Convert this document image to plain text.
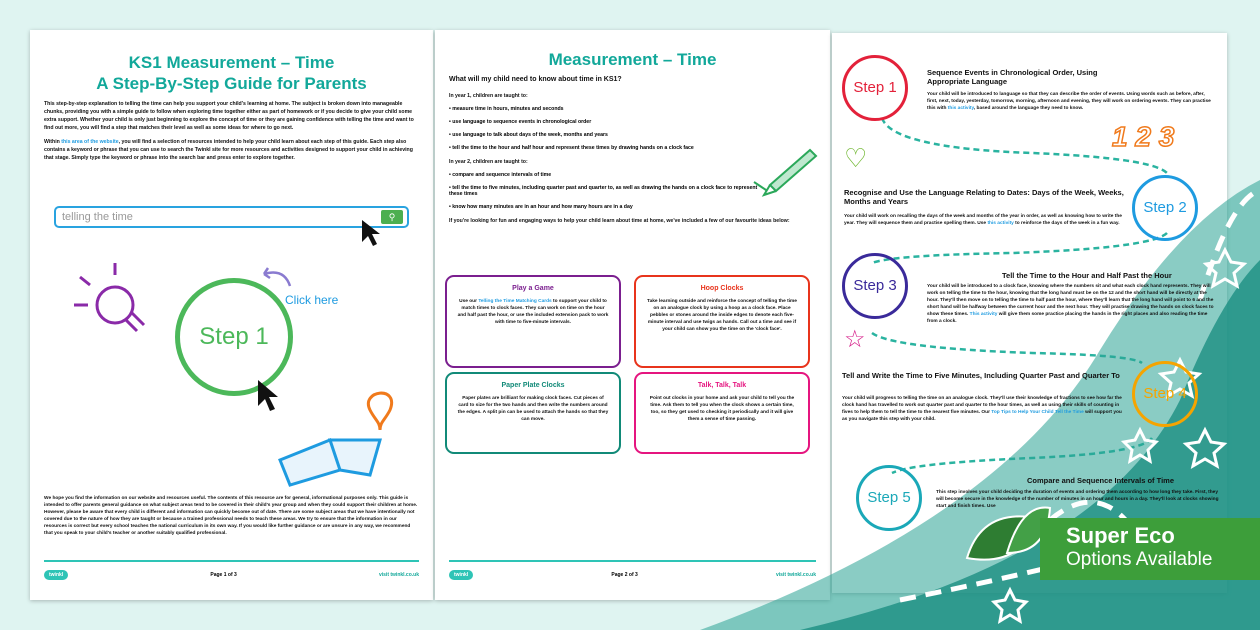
KS1 Measurement – Time
A Step-By-Step Guide for Parents

This step-by-step explanation to telling the time can help you support your child's learning at home. The subject is broken down into manageable chunks, providing you with a simple guide to follow when exploring time together either as part of homework or if you decide to give your child some extra support. Whether your child is only just beginning to explore the concept of time or they are gaining confidence with telling the time and want to find out more, you will find a step that matches their level as well as some ideas for where to go next.

Within this area of the website, you will find a selection of resources intended to help your child learn about each step of this guide. Each step also contains a keyword or phrase that you can use to search the Twinkl site for more resources and activities designed to support your child in achieving that stage. Simply type the keyword or phrase into the search bar and press enter to explore together.

telling the time	⚲
Step 1
Click here

We hope you find the information on our website and resources useful. The contents of this resource are for general, informational purposes only. This guide is intended to offer parents general guidance on what subject areas tend to be covered in their child's year group and when they could support their children at home. However, please be aware that every child is different and information can quickly become out of date. There are some subject areas that we have intentionally not covered due to the nature of how they are taught or because a trained professional needs to teach these areas. We try to ensure that the information in our resources is correct but every school teaches the national curriculum in its own way. If you would like further guidance or are unsure in any way, we recommend that you speak to your child's teacher or another suitably qualified professional.

twinkl	Page 1 of 3	visit twinkl.co.uk
Measurement – Time

What will my child need to know about time in KS1?

In year 1, children are taught to:

• measure time in hours, minutes and seconds
• use language to sequence events in chronological order
• use language to talk about days of the week, months and years
• tell the time to the hour and half hour and represent these times by drawing hands on a clock face

In year 2, children are taught to:

• compare and sequence intervals of time
• tell the time to five minutes, including quarter past and quarter to, as well as drawing the hands on a clock face to represent these times
• know how many minutes are in an hour and how many hours are in a day

If you're looking for fun and engaging ways to help your child learn about time at home, we've included a few of our favourite ideas below:

Play a Game

Use our Telling the Time Matching Cards to support your child to match times to clock faces. They can work on time on the hour and half past the hour, or use the included extension pack to work with time to five-minute intervals.

Hoop Clocks

Take learning outside and reinforce the concept of telling the time on an analogue clock by using a hoop as a clock face. Place pebbles or stones around the inside edges to denote each five-minute interval and use twigs as hands. Call out a time and see if your child can show you the time on the 'clock face'.

Paper Plate Clocks

Paper plates are brilliant for making clock faces. Cut pieces of card to size for the two hands and then write the numbers around the edges. A split pin can be used to attach the hands so that they can move.

Talk, Talk, Talk

Point out clocks in your home and ask your child to tell you the time. Ask them to tell you when the clock shows a certain time, too, so they get used to checking it periodically and it will give them a sense of time passing.

twinkl	Page 2 of 3	visit twinkl.co.uk
Step 1
Sequence Events in Chronological Order, Using Appropriate Language
Your child will be introduced to language so that they can describe the order of events. Using words such as before, after, first, next, today, yesterday, tomorrow, morning, afternoon and evening, they will work on ordering events. They can practise this with this activity, based around the language they need to know.
1 2 3
♡
Step 2
Recognise and Use the Language Relating to Dates: Days of the Week, Weeks, Months and Years
Your child will work on recalling the days of the week and months of the year in order, as well as knowing how to write the year. They will sequence them and practise spelling them. Use this activity to reinforce the days of the week in a fun way.
Step 3
Tell the Time to the Hour and Half Past the Hour
Your child will be introduced to a clock face, knowing where the numbers sit and what each clock hand represents. They will work on telling the time to the hour, knowing that the long hand must be on the 12 and the short hand will be directly at the hour. They'll then move on to telling the time to half past the hour, where they'll learn that the long hand will point to 6 and the short hand will be halfway between the current hour and the next hour. They will practise drawing the hands on clock faces to show these times. This activity will give them some practice placing the hands in the right places and also reading the time from a clock.
☆
Step 4
Tell and Write the Time to Five Minutes, Including Quarter Past and Quarter To
Your child will progress to telling the time on an analogue clock. They'll use their knowledge of fractions to see how far the clock hand has travelled to work out quarter past and quarter to the hour times, as well as using their skills of counting in fives to help them to tell the time to the nearest five minutes. Our Top Tips to Help Your Child Tell the Time will support you as you navigate this step with your child.
Step 5
Compare and Sequence Intervals of Time
This step involves your child deciding the duration of events and ordering them according to how long they take. First, they will become secure in the knowledge of the number of minutes in an hour and hours in a day. They'll look at clocks showing start and finish times. Use
Super Eco
Options Available
